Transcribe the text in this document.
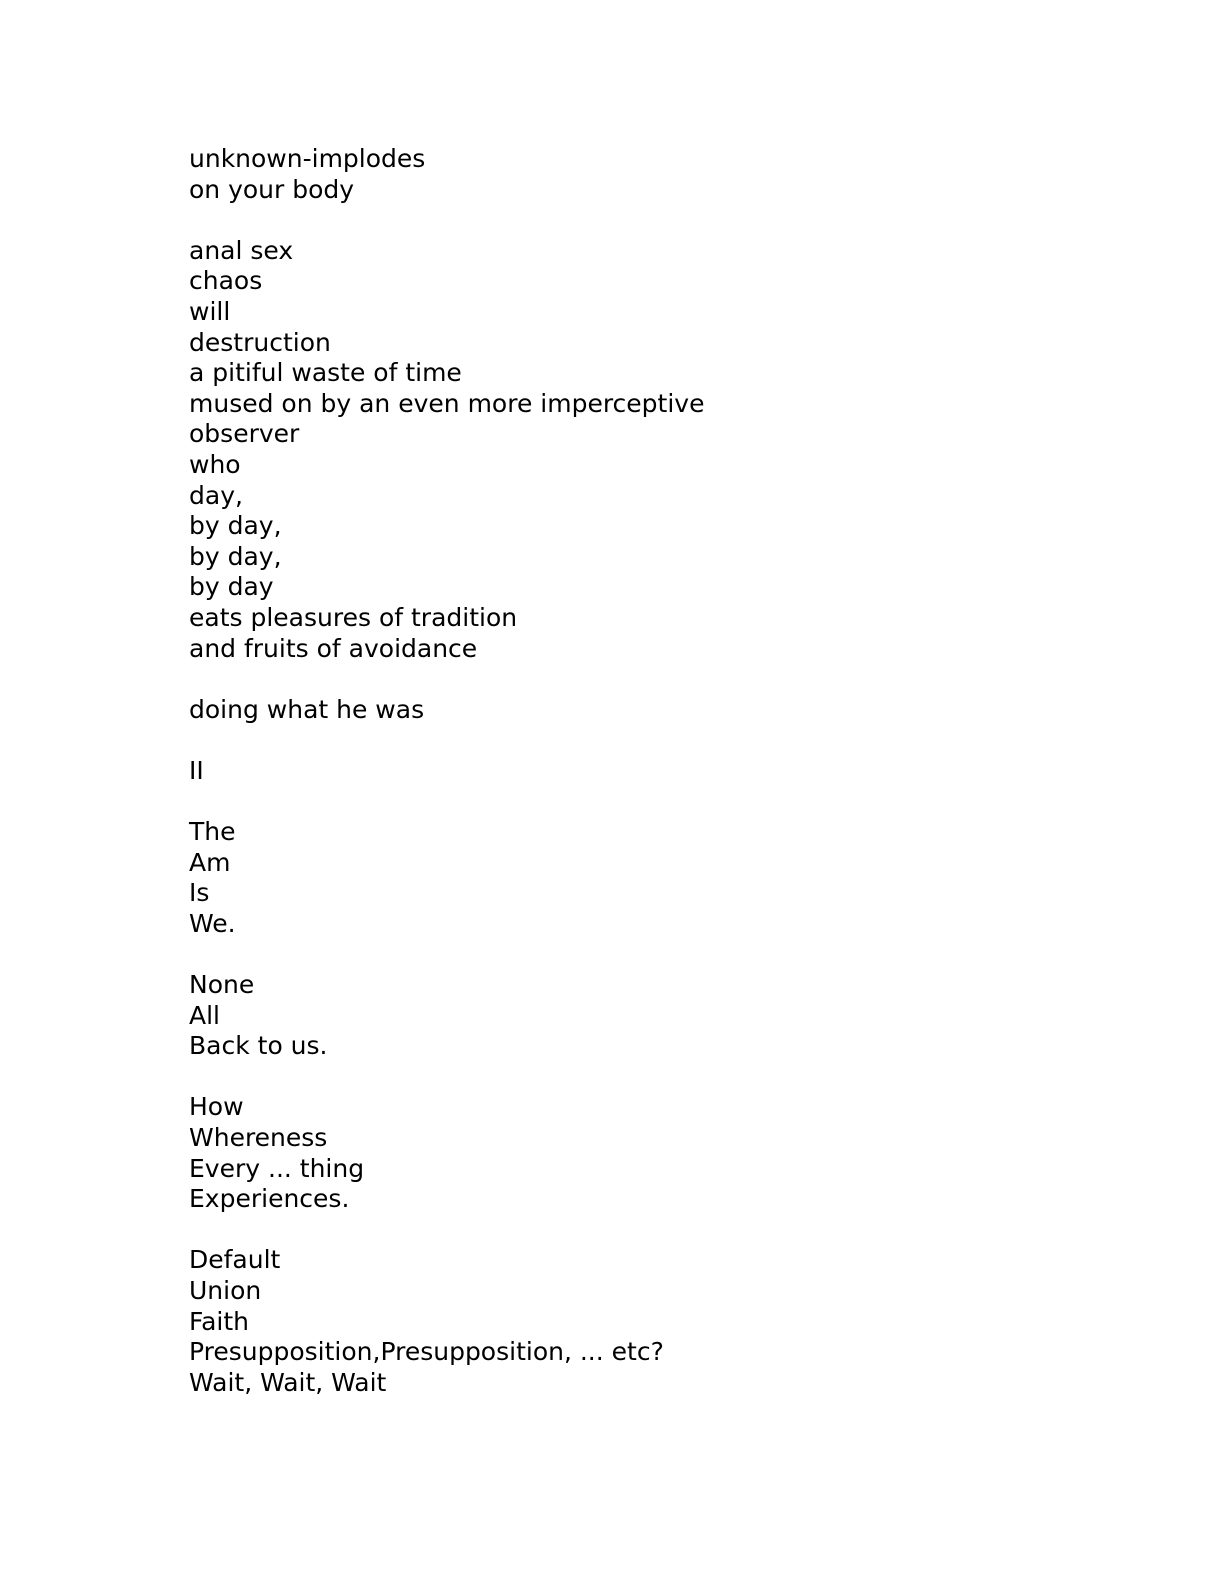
unknown-implodes
on your body
anal sex
chaos
will
destruction
a pitiful waste of time
mused on by an even more imperceptive
observer
who
day,
by day,
by day,
by day
eats pleasures of tradition
and fruits of avoidance
doing what he was
II
The
Am
Is
We.
None
All
Back to us.
How
Whereness
Every ... thing
Experiences.
Default
Union
Faith
Presupposition,Presupposition, ... etc?
Wait, Wait, Wait
